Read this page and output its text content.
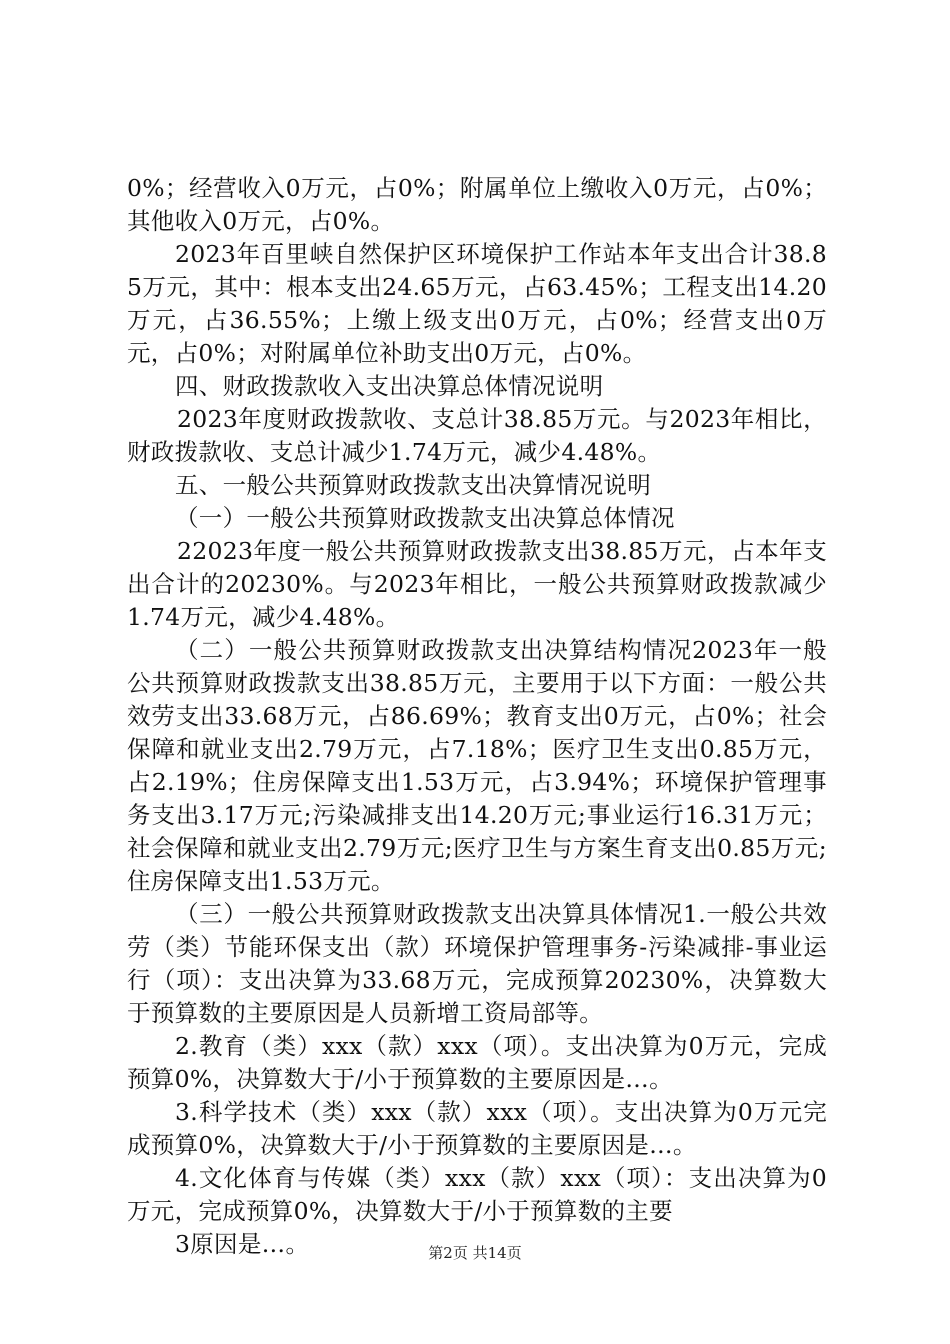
0%；经营收入0万元，占0%；附属单位上缴收入0万元，占0%；其他收入0万元，占0%。

2023年百里峡自然保护区环境保护工作站本年支出合计38.85万元，其中：根本支出24.65万元，占63.45%；工程支出14.20万元，占36.55%；上缴上级支出0万元，占0%；经营支出0万元，占0%；对附属单位补助支出0万元，占0%。

四、财政拨款收入支出决算总体情况说明

2023年度财政拨款收、支总计38.85万元。与2023年相比，财政拨款收、支总计减少1.74万元，减少4.48%。

五、一般公共预算财政拨款支出决算情况说明

（一）一般公共预算财政拨款支出决算总体情况

22023年度一般公共预算财政拨款支出38.85万元，占本年支出合计的20230%。与2023年相比，一般公共预算财政拨款减少1.74万元，减少4.48%。

（二）一般公共预算财政拨款支出决算结构情况2023年一般公共预算财政拨款支出38.85万元，主要用于以下方面：一般公共效劳支出33.68万元，占86.69%；教育支出0万元，占0%；社会保障和就业支出2.79万元，占7.18%；医疗卫生支出0.85万元，占2.19%；住房保障支出1.53万元，占3.94%；环境保护管理事务支出3.17万元;污染减排支出14.20万元;事业运行16.31万元；社会保障和就业支出2.79万元;医疗卫生与方案生育支出0.85万元;住房保障支出1.53万元。

（三）一般公共预算财政拨款支出决算具体情况1.一般公共效劳（类）节能环保支出（款）环境保护管理事务-污染减排-事业运行（项）：支出决算为33.68万元，完成预算20230%，决算数大于预算数的主要原因是人员新增工资局部等。

2.教育（类）xxx（款）xxx（项）。支出决算为0万元，完成预算0%，决算数大于/小于预算数的主要原因是…。

3.科学技术（类）xxx（款）xxx（项）。支出决算为0万元完成预算0%，决算数大于/小于预算数的主要原因是…。

4.文化体育与传媒（类）xxx（款）xxx（项）：支出决算为0万元，完成预算0%，决算数大于/小于预算数的主要

3原因是…。	第2页 共14页
